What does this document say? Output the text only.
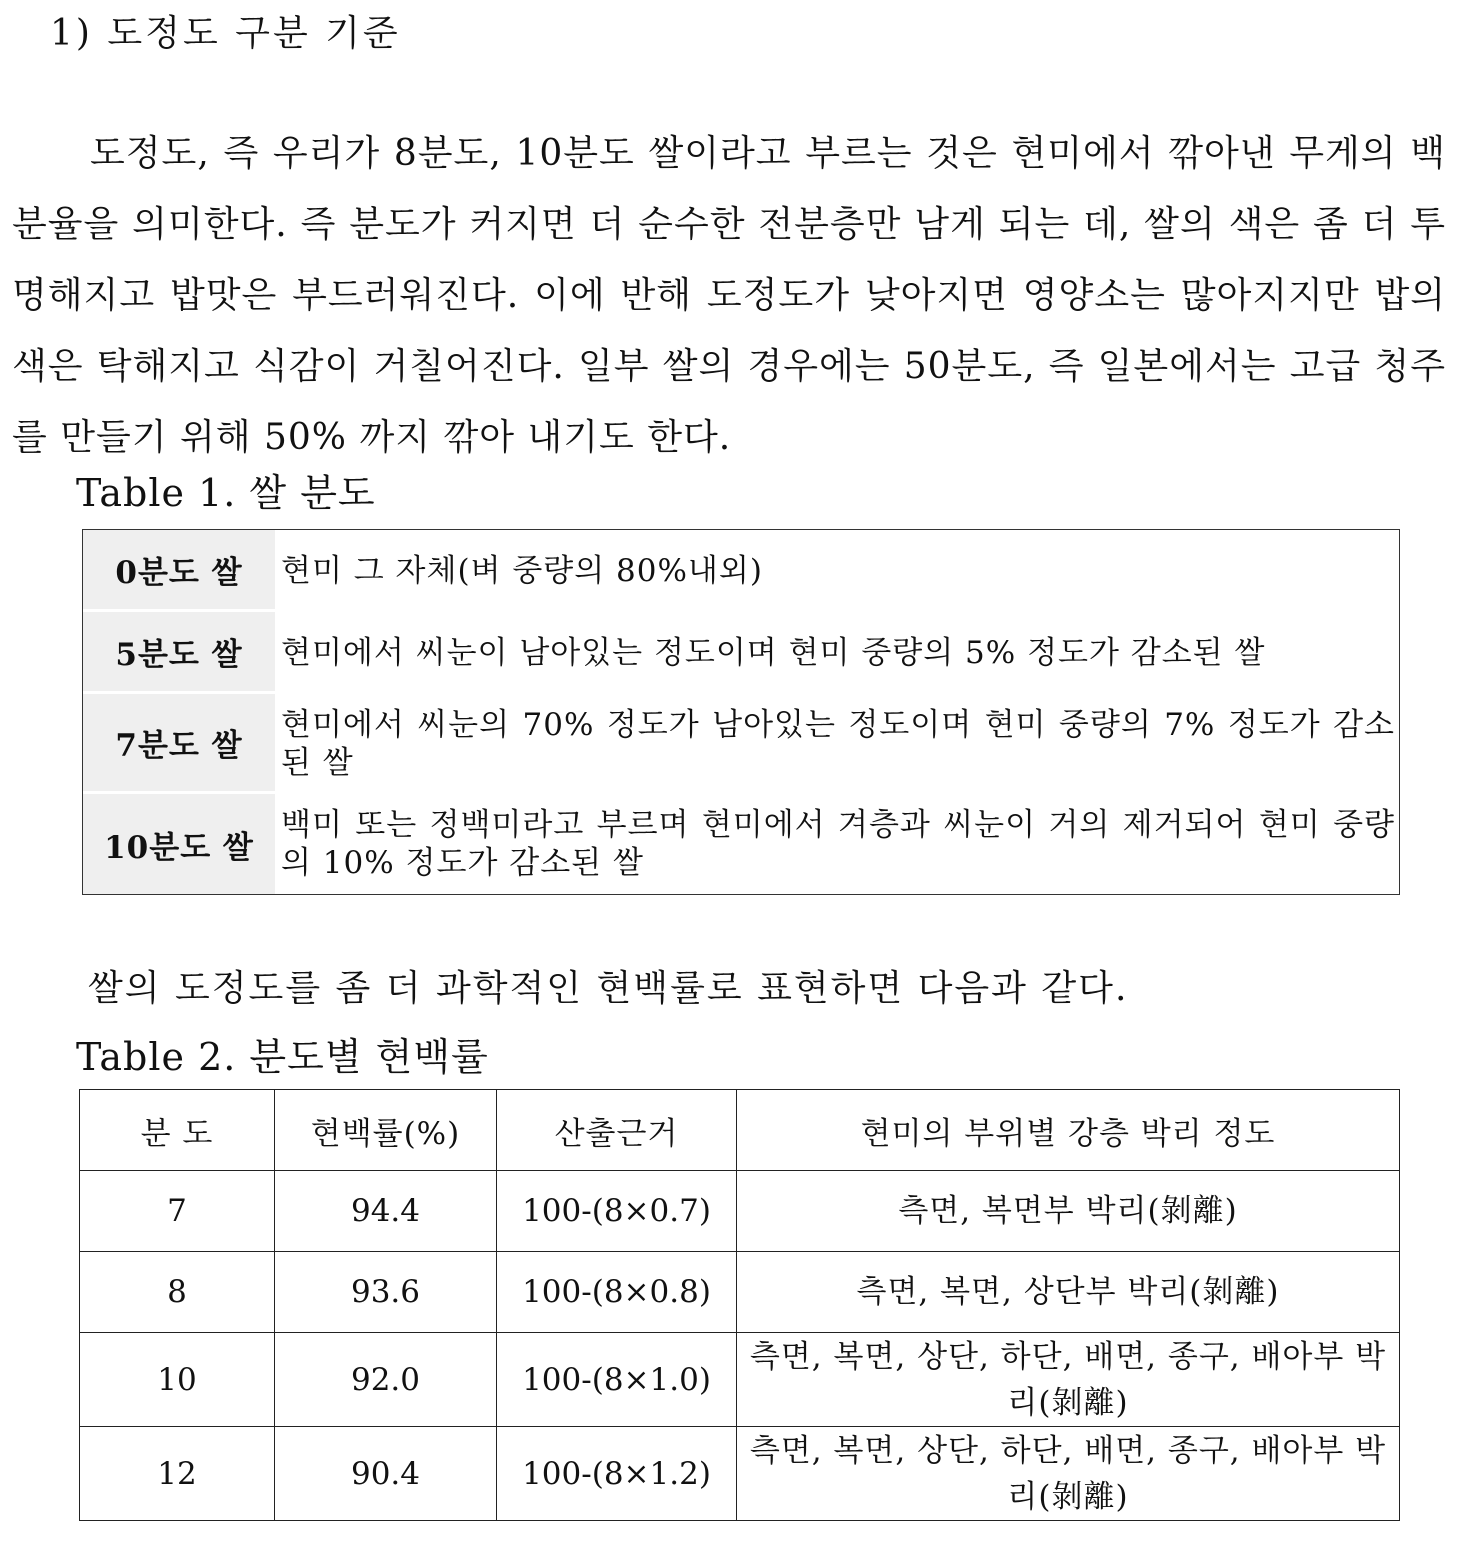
1) 도정도 구분 기준

도정도, 즉 우리가 8분도, 10분도 쌀이라고 부르는 것은 현미에서 깎아낸 무게의 백분율을 의미한다. 즉 분도가 커지면 더 순수한 전분층만 남게 되는 데, 쌀의 색은 좀 더 투명해지고 밥맛은 부드러워진다. 이에 반해 도정도가 낮아지면 영양소는 많아지지만 밥의 색은 탁해지고 식감이 거칠어진다. 일부 쌀의 경우에는 50분도, 즉 일본에서는 고급 청주를 만들기 위해 50% 까지 깎아 내기도 한다.

Table 1. 쌀 분도
0분도 쌀	현미 그 자체(벼 중량의 80%내외)
5분도 쌀	현미에서 씨눈이 남아있는 정도이며 현미 중량의 5% 정도가 감소된 쌀
7분도 쌀	현미에서 씨눈의 70% 정도가 남아있는 정도이며 현미 중량의 7% 정도가 감소된 쌀
10분도 쌀	백미 또는 정백미라고 부르며 현미에서 겨층과 씨눈이 거의 제거되어 현미 중량의 10% 정도가 감소된 쌀
쌀의 도정도를 좀 더 과학적인 현백률로 표현하면 다음과 같다.
Table 2. 분도별 현백률
분 도	현백률(%)	산출근거	현미의 부위별 강층 박리 정도
7	94.4	100-(8×0.7)	측면, 복면부 박리(剝離)
8	93.6	100-(8×0.8)	측면, 복면, 상단부 박리(剝離)
10	92.0	100-(8×1.0)	측면, 복면, 상단, 하단, 배면, 종구, 배아부 박리(剝離)
12	90.4	100-(8×1.2)	측면, 복면, 상단, 하단, 배면, 종구, 배아부 박리(剝離)
